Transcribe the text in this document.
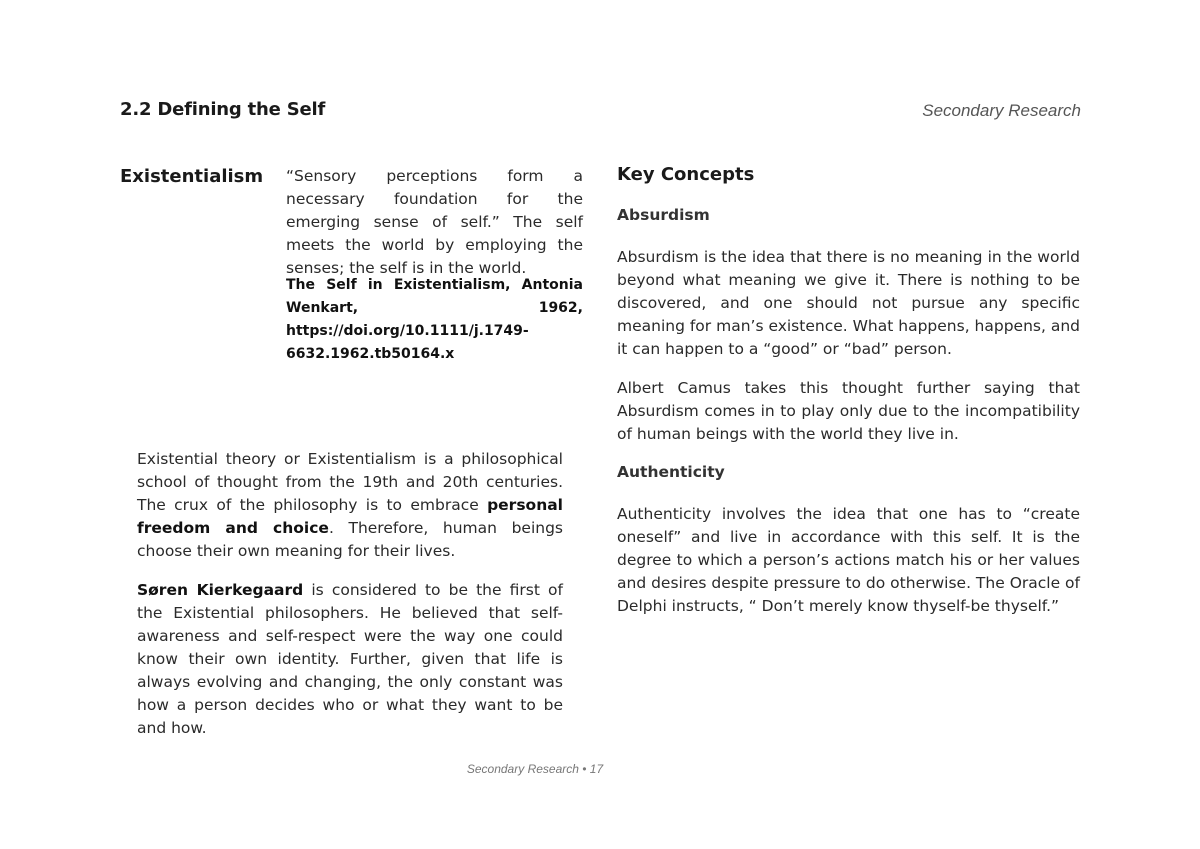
2.2 Defining the Self	Secondary Research
Existentialism “Sensory perceptions form a necessary foundation for the emerging sense of self.” The self meets the world by employing the senses; the self is in the world.
The Self in Existentialism, Antonia Wenkart, 1962, https://doi.org/10.1111/j.1749-6632.1962.tb50164.x
Existential theory or Existentialism is a philosophical school of thought from the 19th and 20th centuries. The crux of the philosophy is to embrace personal freedom and choice. Therefore, human beings choose their own meaning for their lives.
Søren Kierkegaard is considered to be the first of the Existential philosophers. He believed that self-awareness and self-respect were the way one could know their own identity. Further, given that life is always evolving and changing, the only constant was how a person decides who or what they want to be and how.
Key Concepts
Absurdism
Absurdism is the idea that there is no meaning in the world beyond what meaning we give it. There is nothing to be discovered, and one should not pursue any specific meaning for man’s existence. What happens, happens, and it can happen to a “good” or “bad” person.
Albert Camus takes this thought further saying that Absurdism comes in to play only due to the incompatibility of human beings with the world they live in.
Authenticity
Authenticity involves the idea that one has to “create oneself” and live in accordance with this self. It is the degree to which a person’s actions match his or her values and desires despite pressure to do otherwise. The Oracle of Delphi instructs, “ Don’t merely know thyself-be thyself.”
Secondary Research • 17
